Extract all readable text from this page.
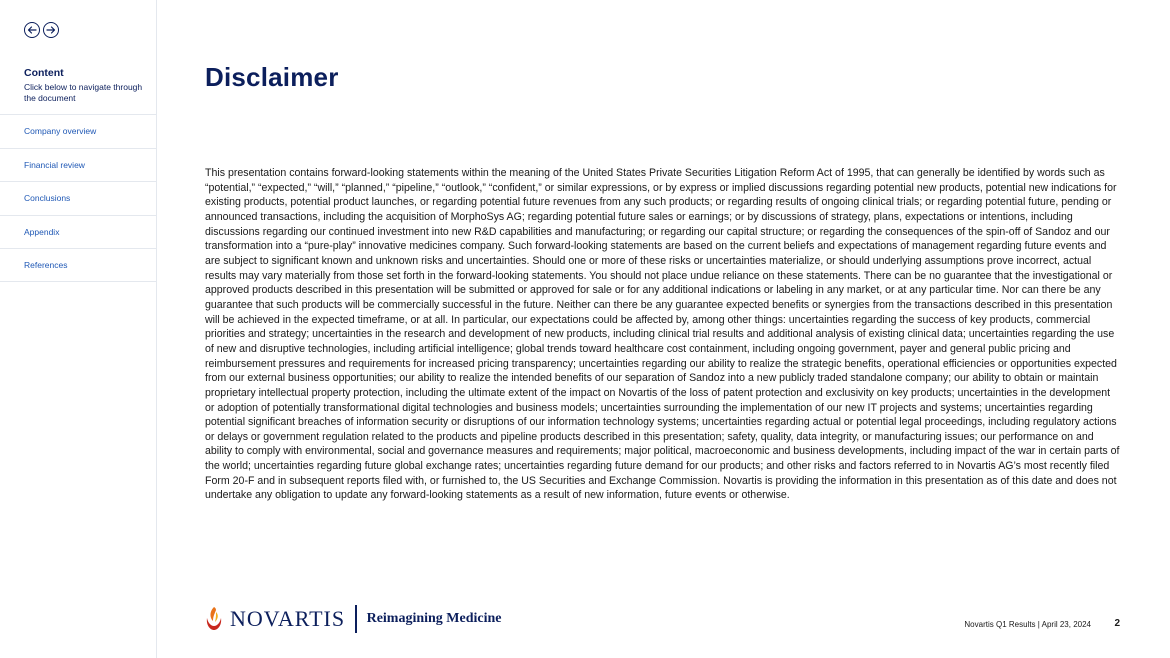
Content
Click below to navigate through the document
Company overview
Financial review
Conclusions
Appendix
References
Disclaimer

This presentation contains forward-looking statements within the meaning of the United States Private Securities Litigation Reform Act of 1995, that can generally be identified by words such as “potential,” “expected,” “will,” “planned,” “pipeline,” “outlook,” “confident,” or similar expressions, or by express or implied discussions regarding potential new products, potential new indications for existing products, potential product launches, or regarding potential future revenues from any such products; or regarding results of ongoing clinical trials; or regarding potential future, pending or announced transactions, including the acquisition of MorphoSys AG; regarding potential future sales or earnings; or by discussions of strategy, plans, expectations or intentions, including discussions regarding our continued investment into new R&D capabilities and manufacturing; or regarding our capital structure; or regarding the consequences of the spin-off of Sandoz and our transformation into a “pure-play” innovative medicines company. Such forward-looking statements are based on the current beliefs and expectations of management regarding future events and are subject to significant known and unknown risks and uncertainties. Should one or more of these risks or uncertainties materialize, or should underlying assumptions prove incorrect, actual results may vary materially from those set forth in the forward-looking statements. You should not place undue reliance on these statements. There can be no guarantee that the investigational or approved products described in this presentation will be submitted or approved for sale or for any additional indications or labeling in any market, or at any particular time. Nor can there be any guarantee that such products will be commercially successful in the future. Neither can there be any guarantee expected benefits or synergies from the transactions described in this presentation will be achieved in the expected timeframe, or at all. In particular, our expectations could be affected by, among other things: uncertainties regarding the success of key products, commercial priorities and strategy; uncertainties in the research and development of new products, including clinical trial results and additional analysis of existing clinical data; uncertainties regarding the use of new and disruptive technologies, including artificial intelligence; global trends toward healthcare cost containment, including ongoing government, payer and general public pricing and reimbursement pressures and requirements for increased pricing transparency; uncertainties regarding our ability to realize the strategic benefits, operational efficiencies or opportunities expected from our external business opportunities; our ability to realize the intended benefits of our separation of Sandoz into a new publicly traded standalone company; our ability to obtain or maintain proprietary intellectual property protection, including the ultimate extent of the impact on Novartis of the loss of patent protection and exclusivity on key products; uncertainties in the development or adoption of potentially transformational digital technologies and business models; uncertainties surrounding the implementation of our new IT projects and systems; uncertainties regarding potential significant breaches of information security or disruptions of our information technology systems; uncertainties regarding actual or potential legal proceedings, including regulatory actions or delays or government regulation related to the products and pipeline products described in this presentation; safety, quality, data integrity, or manufacturing issues; our performance on and ability to comply with environmental, social and governance measures and requirements; major political, macroeconomic and business developments, including impact of the war in certain parts of the world; uncertainties regarding future global exchange rates; uncertainties regarding future demand for our products; and other risks and factors referred to in Novartis AG’s most recently filed Form 20-F and in subsequent reports filed with, or furnished to, the US Securities and Exchange Commission. Novartis is providing the information in this presentation as of this date and does not undertake any obligation to update any forward-looking statements as a result of new information, future events or otherwise.

NOVARTIS Reimagining Medicine	Novartis Q1 Results | April 23, 2024 2
